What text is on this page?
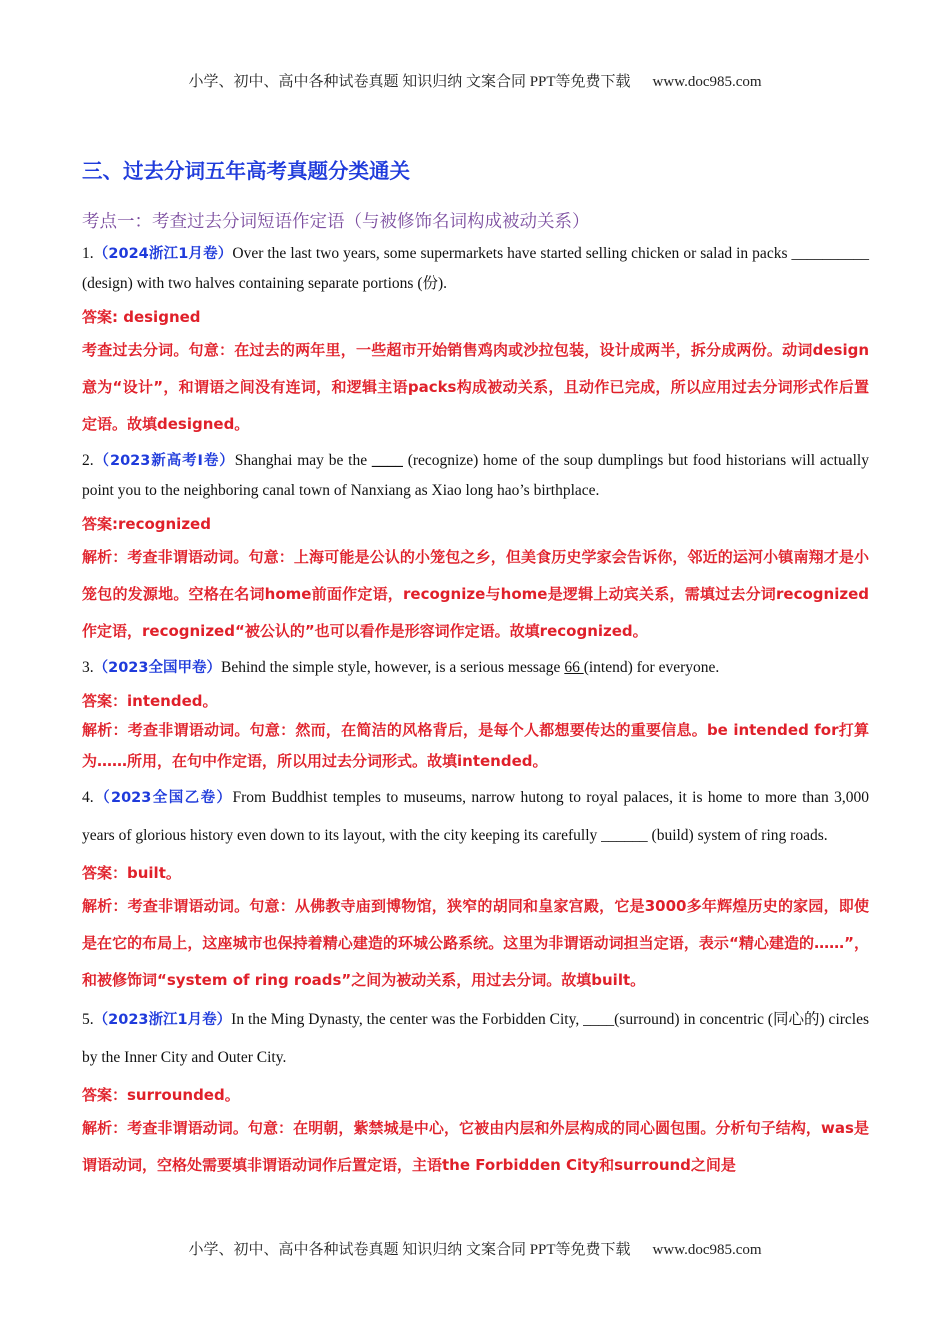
小学、初中、高中各种试卷真题 知识归纳 文案合同 PPT等免费下载 www.doc985.com
三、过去分词五年高考真题分类通关
考点一：考查过去分词短语作定语（与被修饰名词构成被动关系）
1.（2024浙江1月卷）Over the last two years, some supermarkets have started selling chicken or salad in packs __________ (design) with two halves containing separate portions (份).
答案: designed
考查过去分词。句意：在过去的两年里，一些超市开始销售鸡肉或沙拉包装，设计成两半，拆分成两份。动词design意为“设计”，和谓语之间没有连词，和逻辑主语packs构成被动关系，且动作已完成，所以应用过去分词形式作后置定语。故填designed。
2.（2023新高考I卷）Shanghai may be the ____ (recognize) home of the soup dumplings but food historians will actually point you to the neighboring canal town of Nanxiang as Xiao long hao’s birthplace.
答案:recognized
解析：考查非谓语动词。句意：上海可能是公认的小笼包之乡，但美食历史学家会告诉你，邻近的运河小镇南翔才是小笼包的发源地。空格在名词home前面作定语，recognize与home是逻辑上动宾关系，需填过去分词recognized作定语，recognized“被公认的”也可以看作是形容词作定语。故填recognized。
3.（2023全国甲卷）Behind the simple style, however, is a serious message 66 (intend) for everyone.
答案：intended。
解析：考查非谓语动词。句意：然而，在简洁的风格背后，是每个人都想要传达的重要信息。be intended for打算为……所用，在句中作定语，所以用过去分词形式。故填intended。
4.（2023全国乙卷）From Buddhist temples to museums, narrow hutong to royal palaces, it is home to more than 3,000 years of glorious history even down to its layout, with the city keeping its carefully ______ (build) system of ring roads.
答案：built。
解析：考查非谓语动词。句意：从佛教寺庙到博物馆，狭窄的胡同和皇家宫殿，它是3000多年辉煌历史的家园，即使是在它的布局上，这座城市也保持着精心建造的环城公路系统。这里为非谓语动词担当定语，表示“精心建造的……”，和被修饰词“system of ring roads”之间为被动关系，用过去分词。故填built。
5.（2023浙江1月卷）In the Ming Dynasty, the center was the Forbidden City, ____(surround) in concentric (同心的) circles by the Inner City and Outer City.
答案：surrounded。
解析：考查非谓语动词。句意：在明朝，紫禁城是中心，它被由内层和外层构成的同心圆包围。分析句子结构，was是谓语动词，空格处需要填非谓语动词作后置定语，主语the Forbidden City和surround之间是
小学、初中、高中各种试卷真题 知识归纳 文案合同 PPT等免费下载 www.doc985.com
